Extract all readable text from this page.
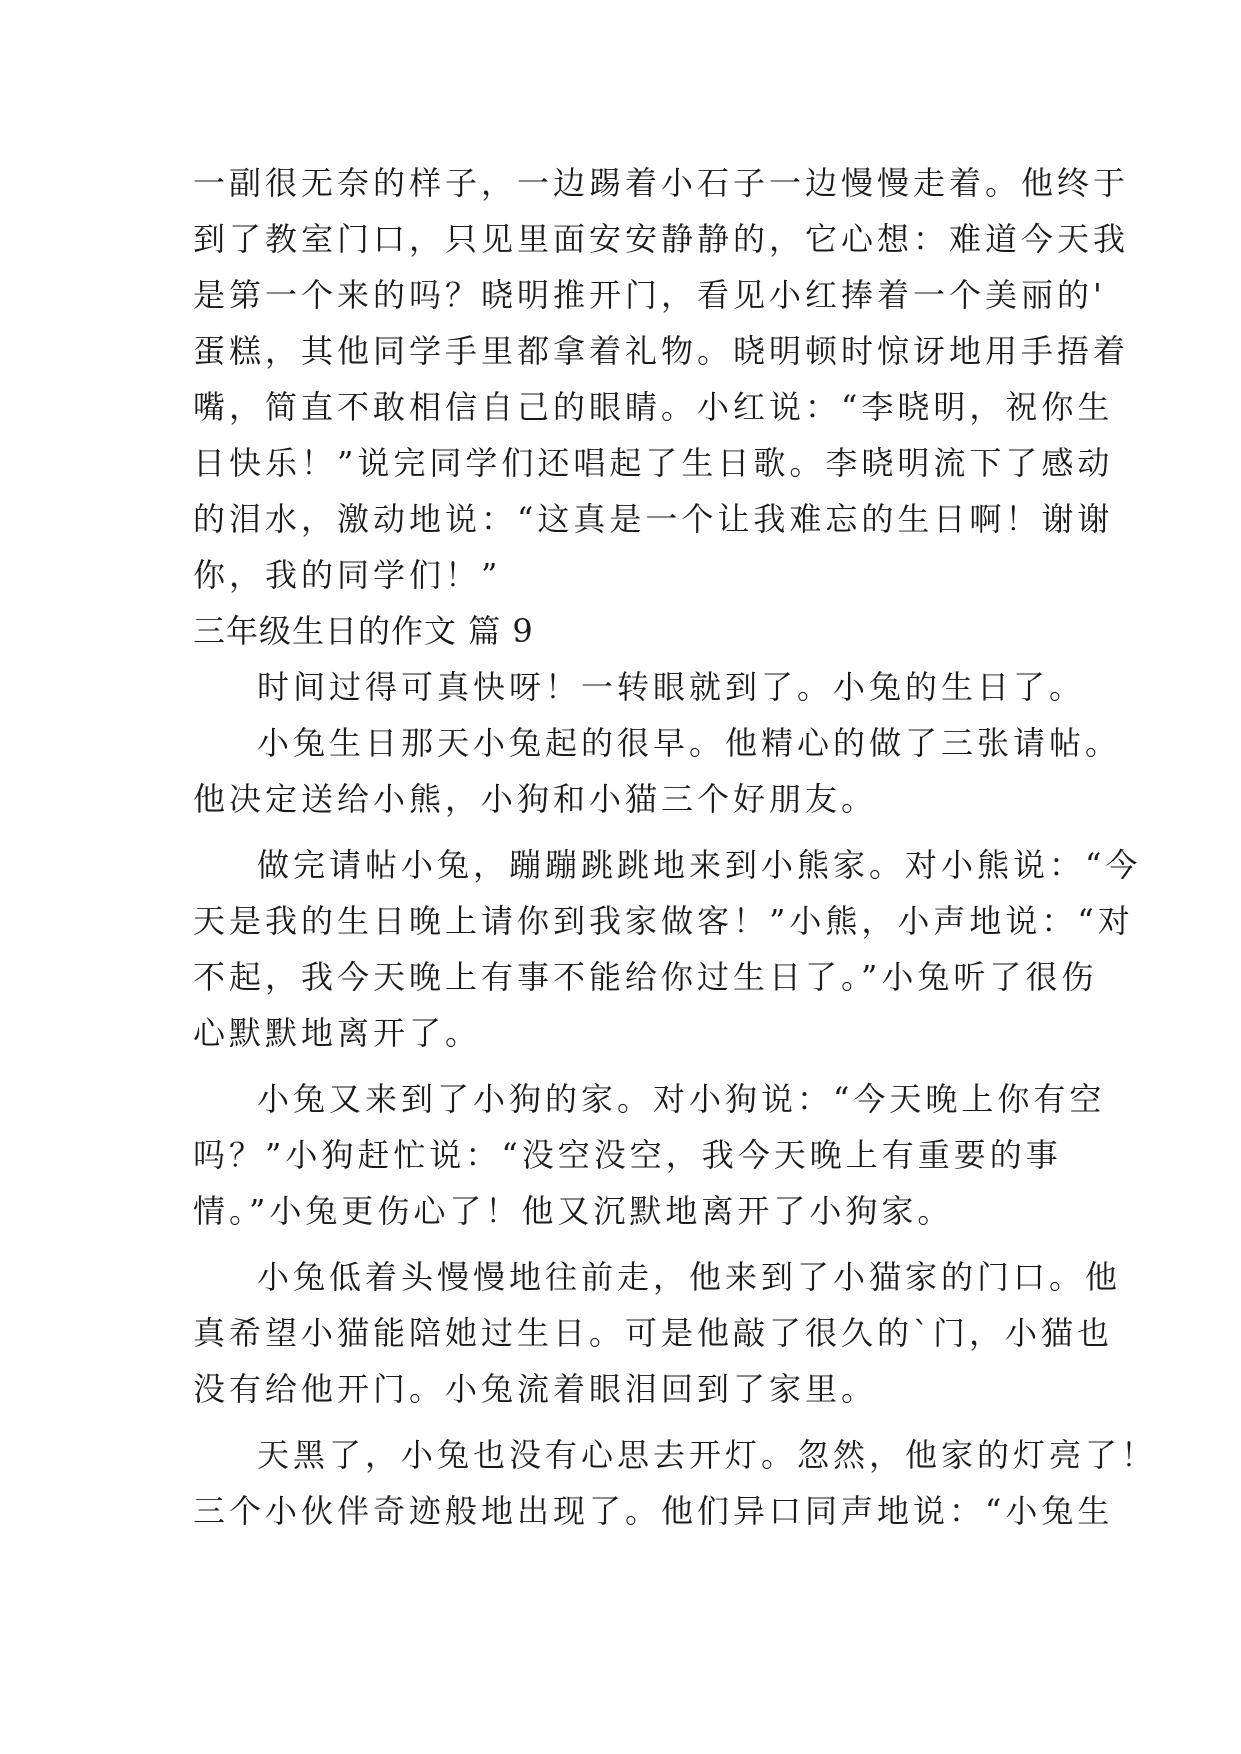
一副很无奈的样子，一边踢着小石子一边慢慢走着。他终于
到了教室门口，只见里面安安静静的，它心想：难道今天我
是第一个来的吗？晓明推开门，看见小红捧着一个美丽的'
蛋糕，其他同学手里都拿着礼物。晓明顿时惊讶地用手捂着
嘴，简直不敢相信自己的眼睛。小红说：“李晓明，祝你生
日快乐！”说完同学们还唱起了生日歌。李晓明流下了感动
的泪水，激动地说：“这真是一个让我难忘的生日啊！谢谢
你，我的同学们！”
三年级生日的作文 篇 9
时间过得可真快呀！一转眼就到了。小兔的生日了。
小兔生日那天小兔起的很早。他精心的做了三张请帖。
他决定送给小熊，小狗和小猫三个好朋友。
做完请帖小兔，蹦蹦跳跳地来到小熊家。对小熊说：“今
天是我的生日晚上请你到我家做客！”小熊，小声地说：“对
不起，我今天晚上有事不能给你过生日了。”小兔听了很伤
心默默地离开了。
小兔又来到了小狗的家。对小狗说：“今天晚上你有空
吗？”小狗赶忙说：“没空没空，我今天晚上有重要的事
情。”小兔更伤心了！他又沉默地离开了小狗家。
小兔低着头慢慢地往前走，他来到了小猫家的门口。他
真希望小猫能陪她过生日。可是他敲了很久的`门，小猫也
没有给他开门。小兔流着眼泪回到了家里。
天黑了，小兔也没有心思去开灯。忽然，他家的灯亮了！
三个小伙伴奇迹般地出现了。他们异口同声地说：“小兔生
